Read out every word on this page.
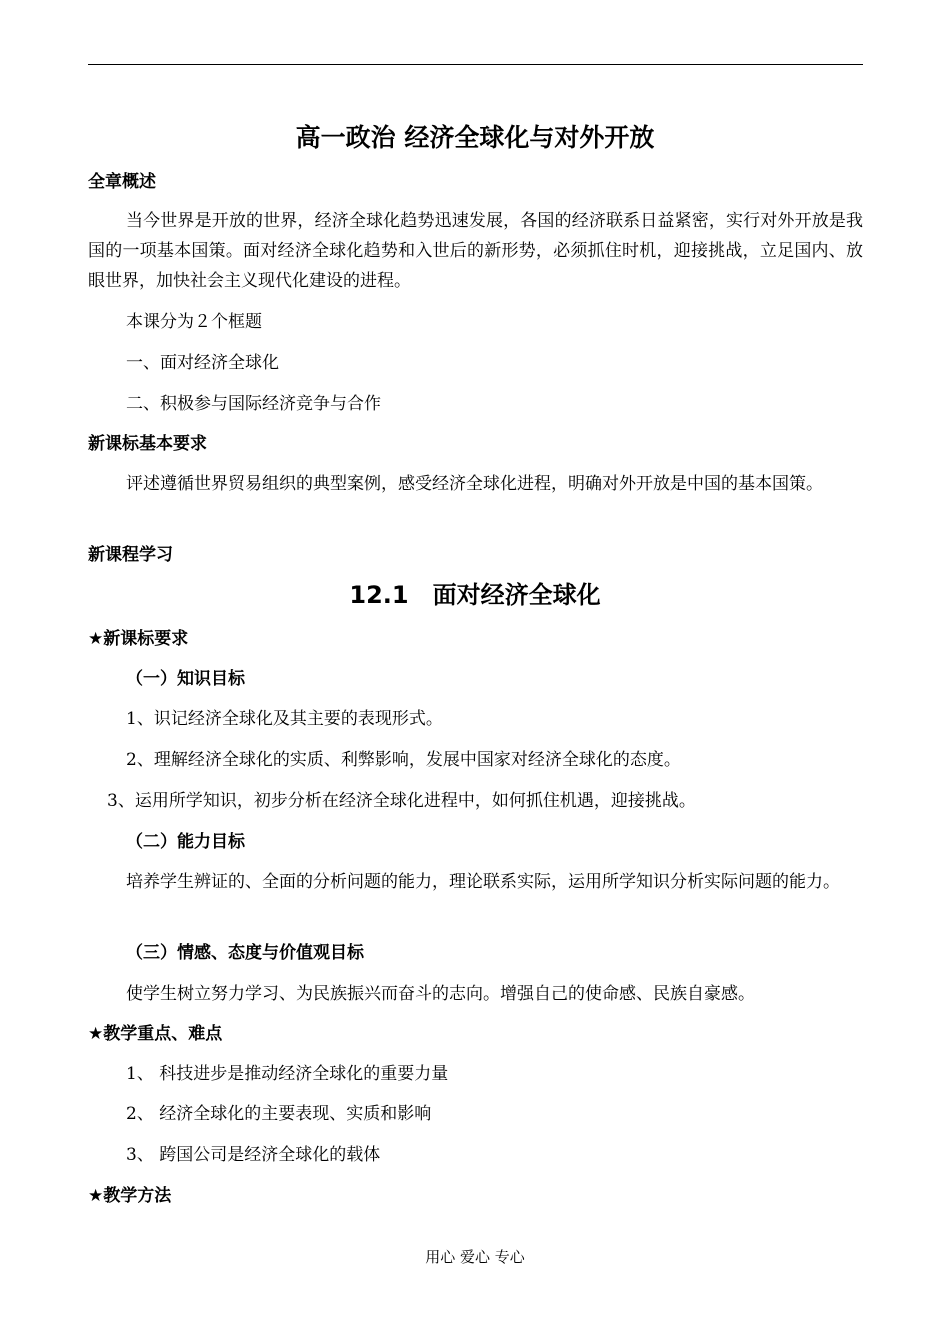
高一政治 经济全球化与对外开放
全章概述

当今世界是开放的世界，经济全球化趋势迅速发展，各国的经济联系日益紧密，实行对外开放是我国的一项基本国策。面对经济全球化趋势和入世后的新形势，必须抓住时机，迎接挑战，立足国内、放眼世界，加快社会主义现代化建设的进程。

本课分为２个框题
一、面对经济全球化
二、积极参与国际经济竞争与合作
新课标基本要求

评述遵循世界贸易组织的典型案例，感受经济全球化进程，明确对外开放是中国的基本国策。

新课程学习
12.1　面对经济全球化
★新课标要求
（一）知识目标
1、识记经济全球化及其主要的表现形式。
2、理解经济全球化的实质、利弊影响，发展中国家对经济全球化的态度。
3、运用所学知识，初步分析在经济全球化进程中，如何抓住机遇，迎接挑战。
（二）能力目标

培养学生辨证的、全面的分析问题的能力，理论联系实际，运用所学知识分析实际问题的能力。

（三）情感、态度与价值观目标
使学生树立努力学习、为民族振兴而奋斗的志向。增强自己的使命感、民族自豪感。
★教学重点、难点
1、 科技进步是推动经济全球化的重要力量
2、 经济全球化的主要表现、实质和影响
3、 跨国公司是经济全球化的载体
★教学方法
用心 爱心 专心
